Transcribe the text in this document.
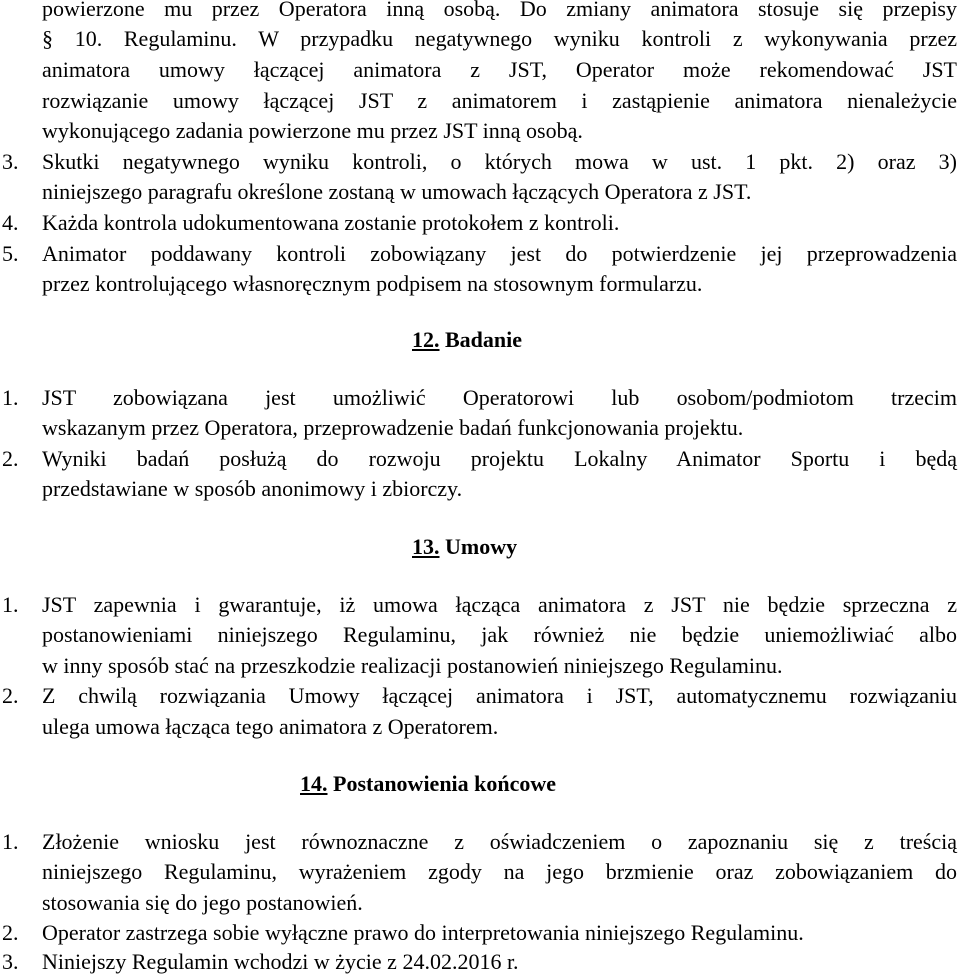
powierzone mu przez Operatora inną osobą. Do zmiany animatora stosuje się przepisy
§ 10. Regulaminu. W przypadku negatywnego wyniku kontroli z wykonywania przez
animatora umowy łączącej animatora z JST, Operator może rekomendować JST
rozwiązanie umowy łączącej JST z animatorem i zastąpienie animatora nienależycie
wykonującego zadania powierzone mu przez JST inną osobą.
3.	Skutki negatywnego wyniku kontroli, o których mowa w ust. 1 pkt. 2) oraz 3)
niniejszego paragrafu określone zostaną w umowach łączących Operatora z JST.
4.	Każda kontrola udokumentowana zostanie protokołem z kontroli.
5.	Animator poddawany kontroli zobowiązany jest do potwierdzenie jej przeprowadzenia
przez kontrolującego własnoręcznym podpisem na stosownym formularzu.
12. Badanie
1.	JST zobowiązana jest umożliwić Operatorowi lub osobom/podmiotom trzecim
wskazanym przez Operatora, przeprowadzenie badań funkcjonowania projektu.
2.	Wyniki badań posłużą do rozwoju projektu Lokalny Animator Sportu i będą
przedstawiane w sposób anonimowy i zbiorczy.
13. Umowy
1.	JST zapewnia i gwarantuje, iż umowa łącząca animatora z JST nie będzie sprzeczna z
postanowieniami niniejszego Regulaminu, jak również nie będzie uniemożliwiać albo
w inny sposób stać na przeszkodzie realizacji postanowień niniejszego Regulaminu.
2.	Z chwilą rozwiązania Umowy łączącej animatora i JST, automatycznemu rozwiązaniu
ulega umowa łącząca tego animatora z Operatorem.
14. Postanowienia końcowe
1.	Złożenie wniosku jest równoznaczne z oświadczeniem o zapoznaniu się z treścią
niniejszego Regulaminu, wyrażeniem zgody na jego brzmienie oraz zobowiązaniem do
stosowania się do jego postanowień.
2.	Operator zastrzega sobie wyłączne prawo do interpretowania niniejszego Regulaminu.
3.	Niniejszy Regulamin wchodzi w życie z 24.02.2016 r.
